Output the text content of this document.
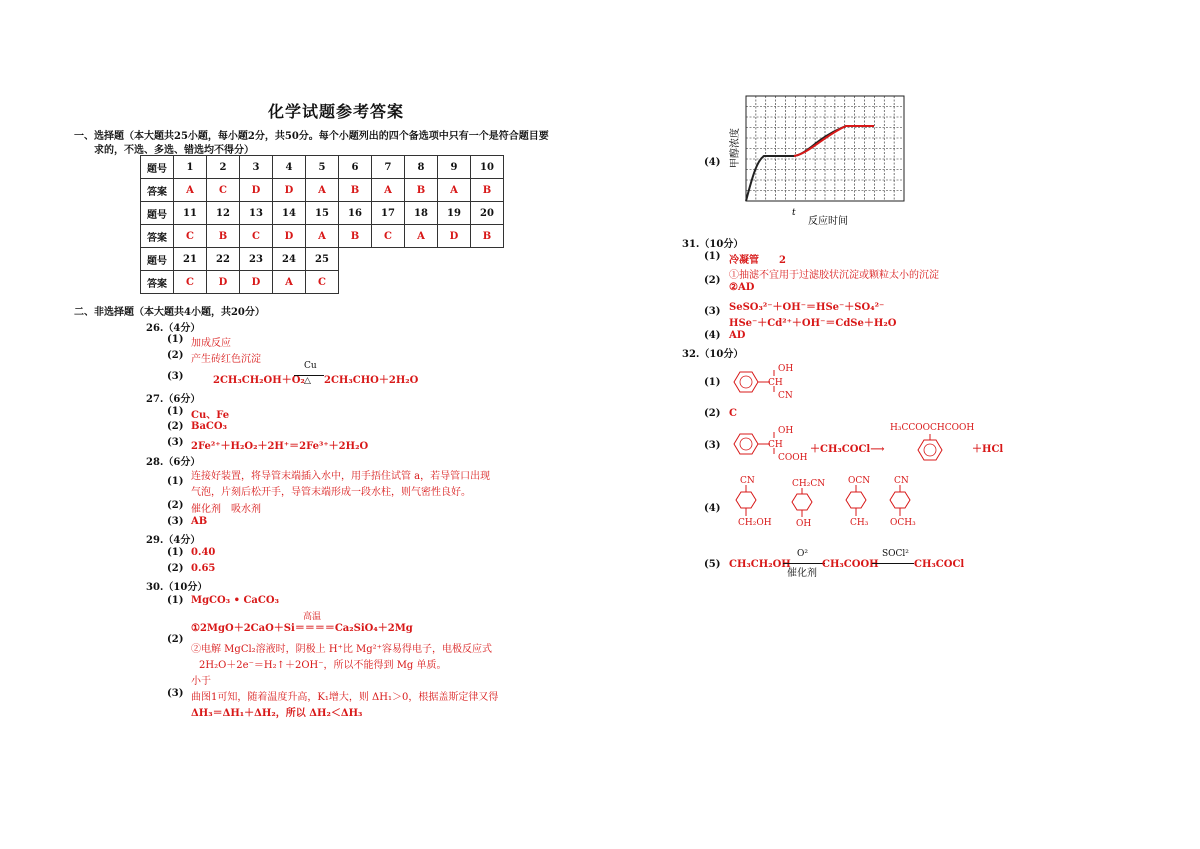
化学试题参考答案
一、选择题（本大题共25小题，每小题2分，共50分。每个小题列出的四个备选项中只有一个是符合题目要
求的，不选、多选、错选均不得分）
题号	1	2	3	4	5	6	7	8	9	10
答案	A	C	D	D	A	B	A	B	A	B
题号	11	12	13	14	15	16	17	18	19	20
答案	C	B	C	D	A	B	C	A	D	B
题号	21	22	23	24	25					
答案	C	D	D	A	C					
二、非选择题（本大题共4小题，共20分）
26.（4分）
(1) 加成反应
(2) 产生砖红色沉淀
(3)	2CH₃CH₂OH＋O₂
Cu
△ 2CH₃CHO＋2H₂O
27.（6分）
(1) Cu、Fe
(2) BaCO₃
(3) 2Fe²⁺＋H₂O₂＋2H⁺＝2Fe³⁺＋2H₂O
28.（6分）
(1) 连接好装置，将导管末端插入水中，用手捂住试管 a，若导管口出现
气泡，片刻后松开手，导管末端形成一段水柱，则气密性良好。
(2) 催化剂　吸水剂
(3) AB
29.（4分）
(1) 0.40
(2) 0.65
30.（10分）
(1) MgCO₃ • CaCO₃
高温
①2MgO＋2CaO＋Si＝＝＝＝Ca₂SiO₄＋2Mg
(2)
②电解 MgCl₂溶液时，阴极上 H⁺比 Mg²⁺容易得电子，电极反应式
2H₂O＋2e⁻＝H₂↑＋2OH⁻，所以不能得到 Mg 单质。
小于
(3) 曲图1可知，随着温度升高，K₁增大，则 ΔH₁＞0，根据盖斯定律又得
ΔH₃＝ΔH₁＋ΔH₂，所以 ΔH₂＜ΔH₃
(4) 甲醇浓度
t
反应时间
31.（10分）
(1) 冷凝管　　2
(2) ①抽滤不宜用于过滤胶状沉淀或颗粒太小的沉淀
②AD
(3) SeSO₃²⁻＋OH⁻＝HSe⁻＋SO₄²⁻
HSe⁻＋Cd²⁺＋OH⁻＝CdSe＋H₂O
(4) AD
32.（10分）
(1)
OH
CH
CN
(2) C
(3)
OH
CH
COOH
＋CH₃COCl⟶
H₃CCOOCHCOOH
＋HCl
(4)
CN
CH₂OH
CH₂CN
OH
OCN
CH₃
CN
OCH₃
(5) CH₃CH₂OH
O²
催化剂
CH₃COOH
SOCl²
CH₃COCl
